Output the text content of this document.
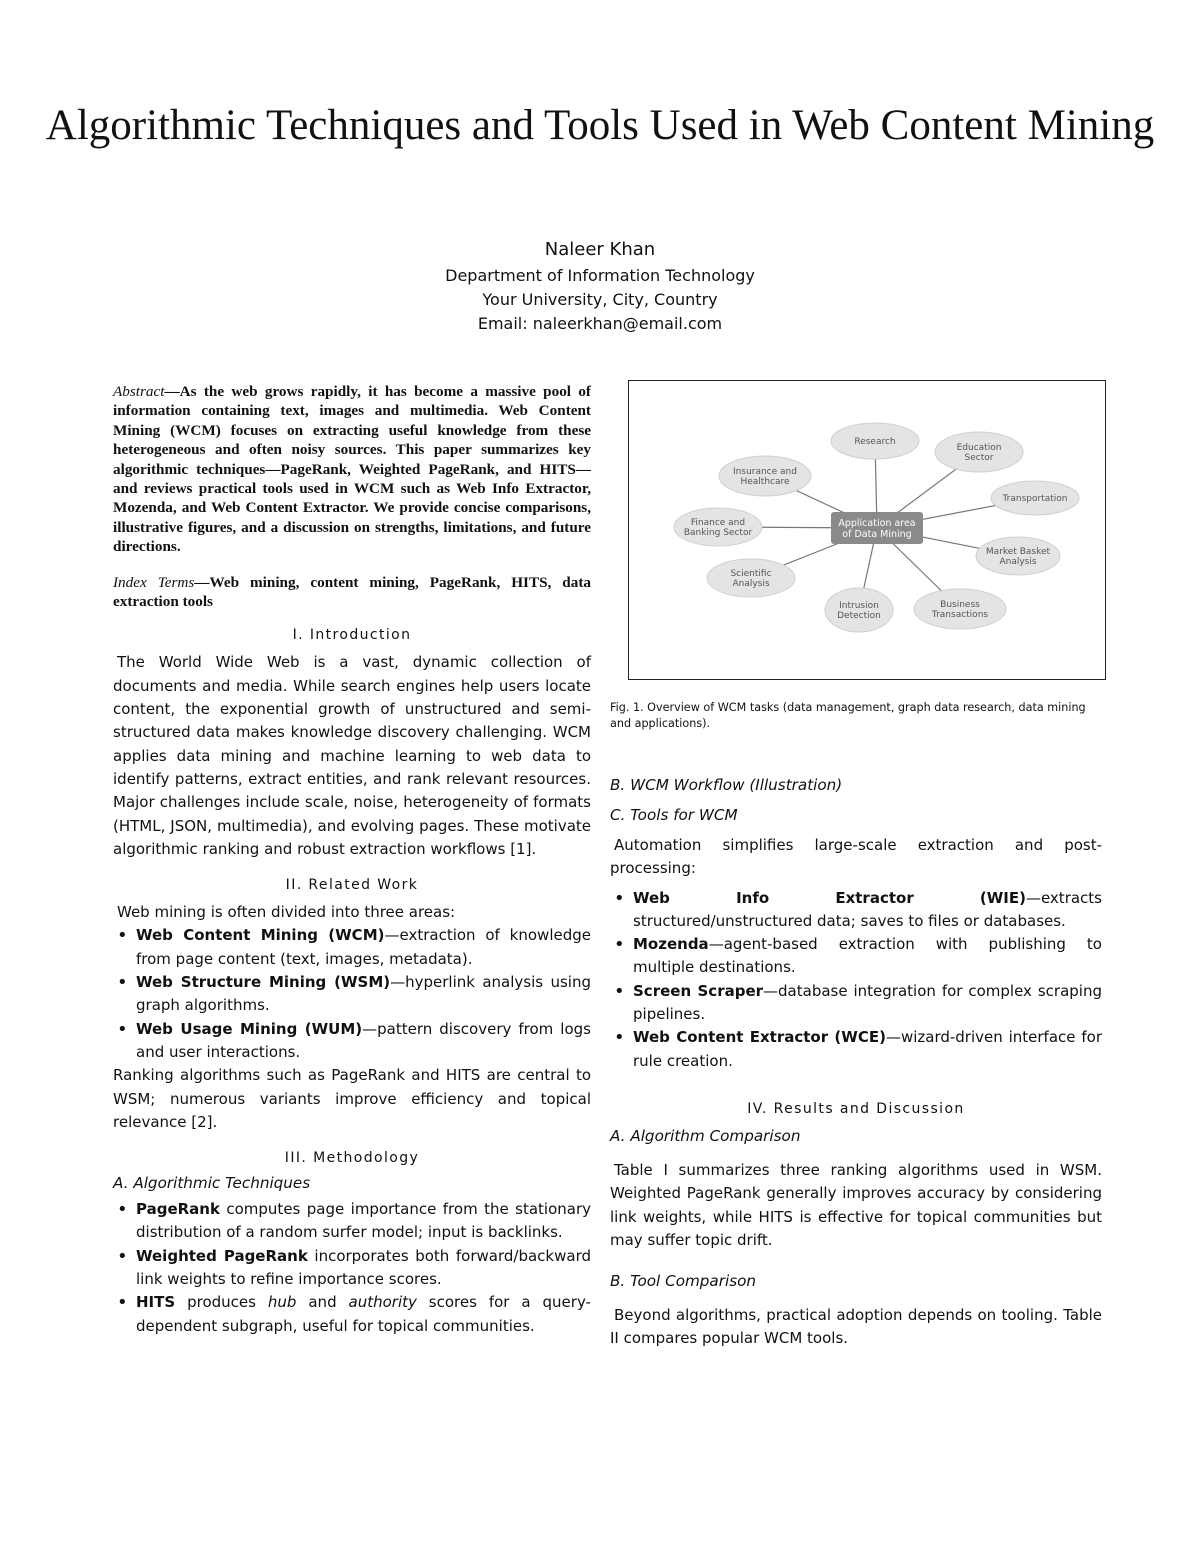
Algorithmic Techniques and Tools Used in Web Content Mining
Naleer Khan
Department of Information Technology
Your University, City, Country
Email: naleerkhan@email.com
Abstract—As the web grows rapidly, it has become a massive pool of information containing text, images and multimedia. Web Content Mining (WCM) focuses on extracting useful knowledge from these heterogeneous and often noisy sources. This paper summarizes key algorithmic techniques—PageRank, Weighted PageRank, and HITS—and reviews practical tools used in WCM such as Web Info Extractor, Mozenda, and Web Content Extractor. We provide concise comparisons, illustrative figures, and a discussion on strengths, limitations, and future directions.
Index Terms—Web mining, content mining, PageRank, HITS, data extraction tools
I. Introduction
The World Wide Web is a vast, dynamic collection of documents and media. While search engines help users locate content, the exponential growth of unstructured and semi-structured data makes knowledge discovery challenging. WCM applies data mining and machine learning to web data to identify patterns, extract entities, and rank relevant resources. Major challenges include scale, noise, heterogeneity of formats (HTML, JSON, multimedia), and evolving pages. These motivate algorithmic ranking and robust extraction workflows [1].
II. Related Work
Web mining is often divided into three areas:
• Web Content Mining (WCM)—extraction of knowledge from page content (text, images, metadata).
• Web Structure Mining (WSM)—hyperlink analysis using graph algorithms.
• Web Usage Mining (WUM)—pattern discovery from logs and user interactions.
Ranking algorithms such as PageRank and HITS are central to WSM; numerous variants improve efficiency and topical relevance [2].
III. Methodology
A. Algorithmic Techniques
• PageRank computes page importance from the stationary distribution of a random surfer model; input is backlinks.
• Weighted PageRank incorporates both forward/backward link weights to refine importance scores.
• HITS produces hub and authority scores for a query-dependent subgraph, useful for topical communities.
Research
Education
Sector
Transportation
Market Basket
Analysis
Business
Transactions
Intrusion
Detection
Scientific
Analysis
Finance and
Banking Sector
Insurance and
Healthcare
Application area
of Data Mining
Fig. 1. Overview of WCM tasks (data management, graph data research, data mining and applications).
B. WCM Workflow (Illustration)
C. Tools for WCM
Automation simplifies large-scale extraction and post-processing:
• Web Info Extractor (WIE)—extracts structured/unstructured data; saves to files or databases.
• Mozenda—agent-based extraction with publishing to multiple destinations.
• Screen Scraper—database integration for complex scraping pipelines.
• Web Content Extractor (WCE)—wizard-driven interface for rule creation.
IV. Results and Discussion
A. Algorithm Comparison
Table I summarizes three ranking algorithms used in WSM. Weighted PageRank generally improves accuracy by considering link weights, while HITS is effective for topical communities but may suffer topic drift.
B. Tool Comparison
Beyond algorithms, practical adoption depends on tooling. Table II compares popular WCM tools.
